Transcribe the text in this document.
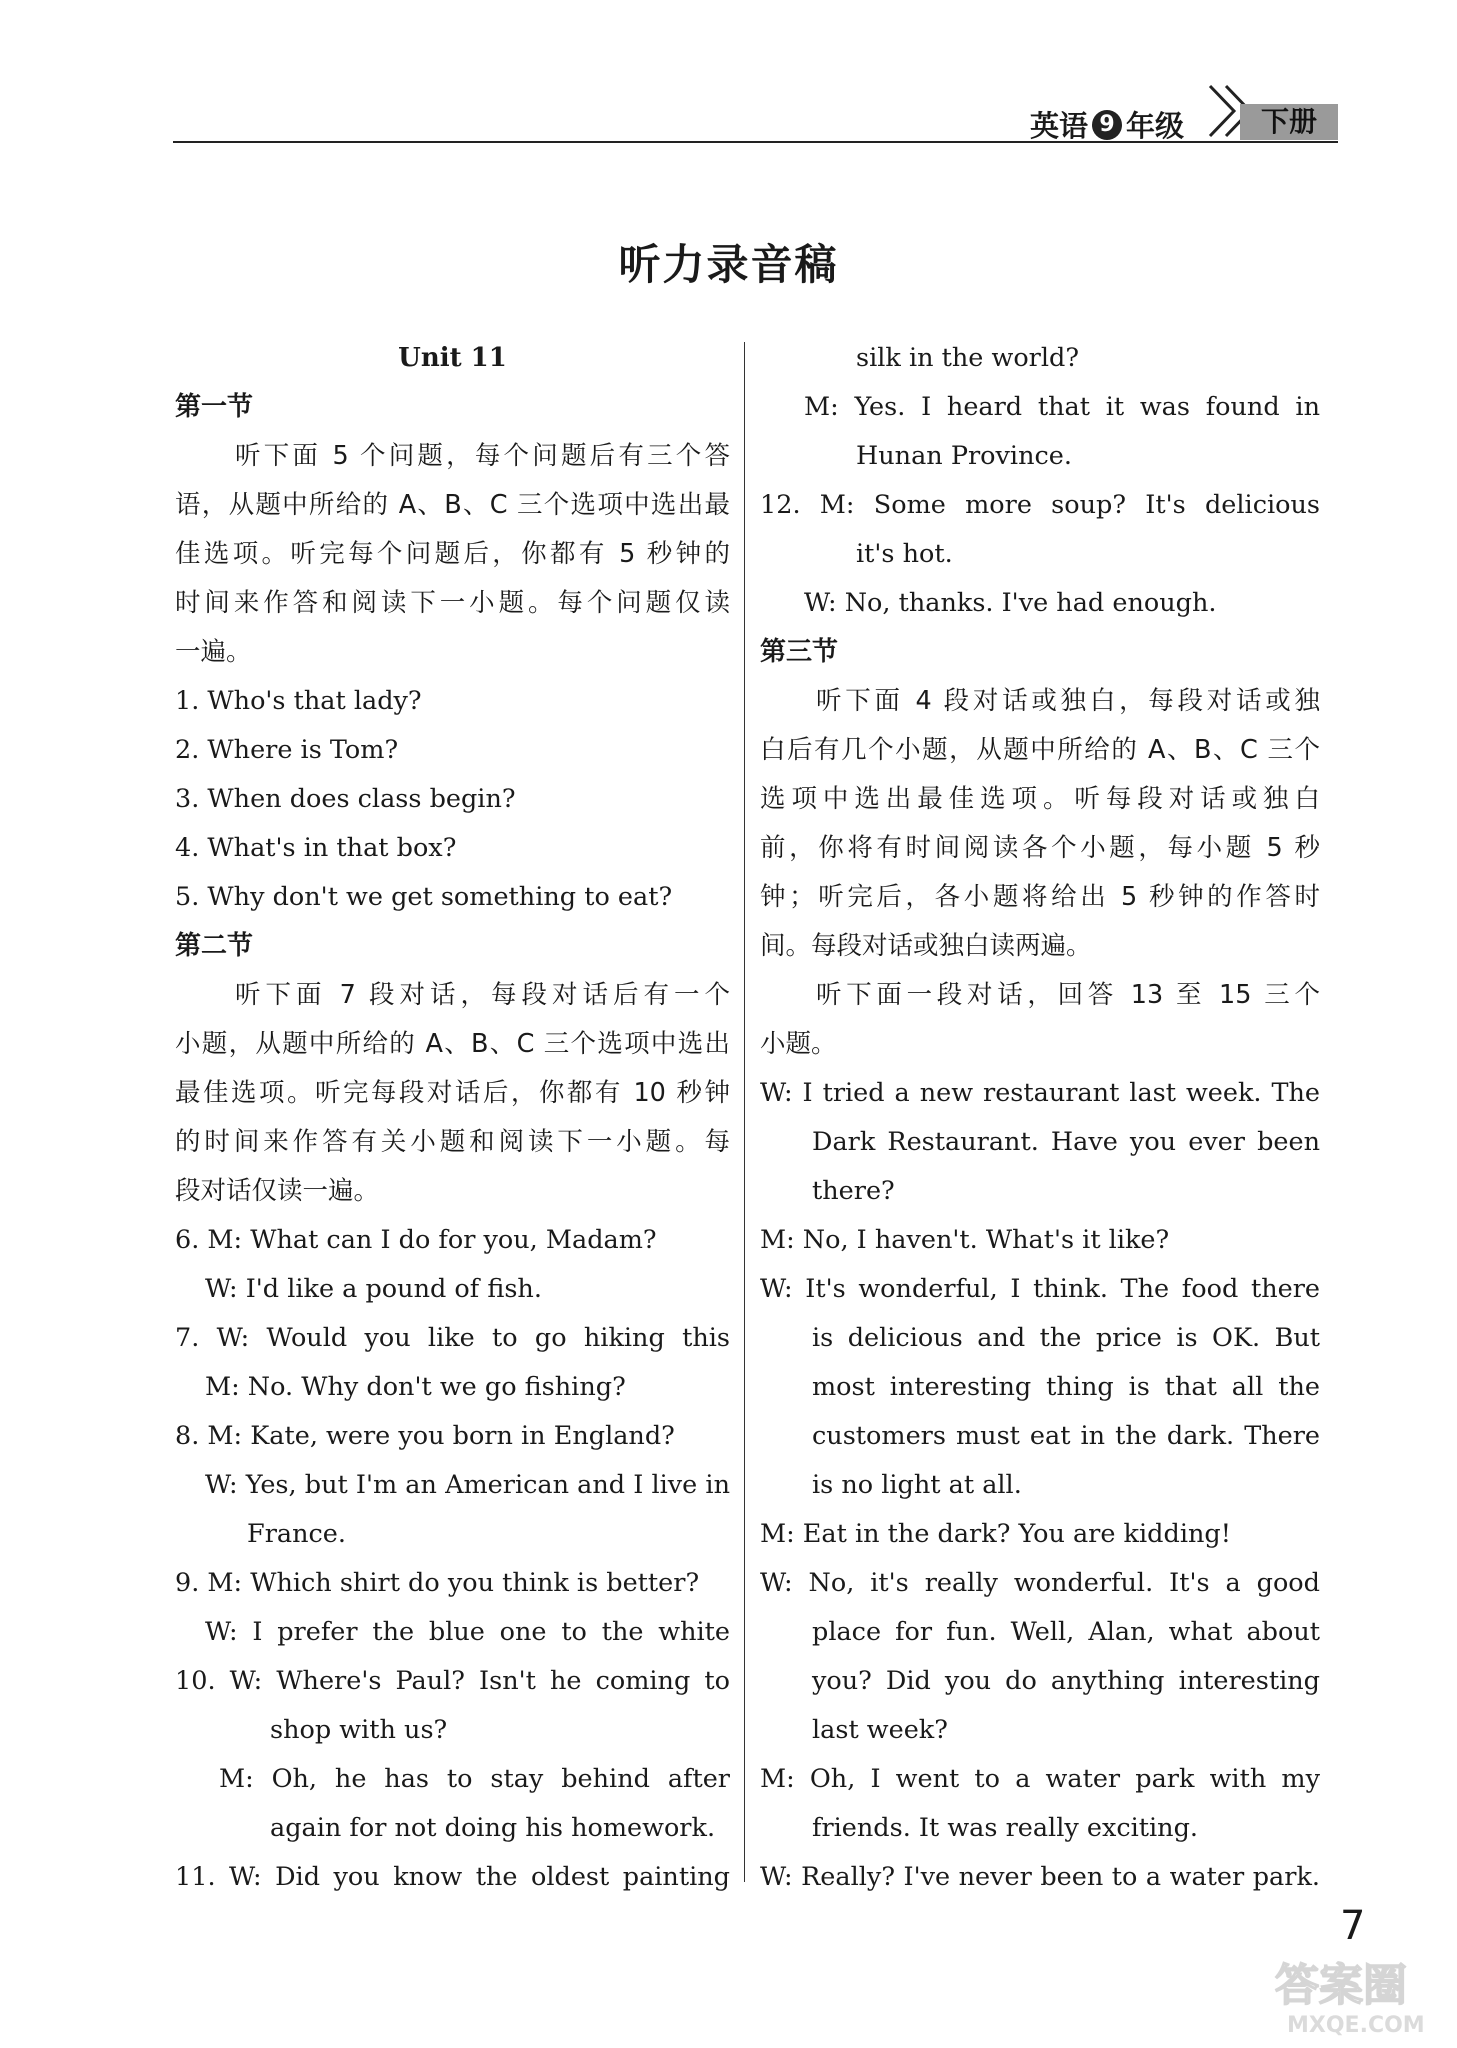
英语 9 年级	下册
听力录音稿
Unit 11
第一节
听下面 5 个问题，每个问题后有三个答
语，从题中所给的 A、B、C 三个选项中选出最
佳选项。听完每个问题后，你都有 5 秒钟的
时间来作答和阅读下一小题。每个问题仅读
一遍。
1. Who's that lady?
2. Where is Tom?
3. When does class begin?
4. What's in that box?
5. Why don't we get something to eat?
第二节
听下面 7 段对话，每段对话后有一个
小题，从题中所给的 A、B、C 三个选项中选出
最佳选项。听完每段对话后，你都有 10 秒钟
的时间来作答有关小题和阅读下一小题。每
段对话仅读一遍。
6. M: What can I do for you, Madam?
W: I'd like a pound of fish.
7. W: Would you like to go hiking this
M: No. Why don't we go fishing?
8. M: Kate, were you born in England?
W: Yes, but I'm an American and I live in
France.
9. M: Which shirt do you think is better?
W: I prefer the blue one to the white
10. W: Where's Paul? Isn't he coming to
shop with us?
M: Oh, he has to stay behind after
again for not doing his homework.
11. W: Did you know the oldest painting
silk in the world?
M: Yes. I heard that it was found in
Hunan Province.
12. M: Some more soup? It's delicious
it's hot.
W: No, thanks. I've had enough.
第三节
听下面 4 段对话或独白，每段对话或独
白后有几个小题，从题中所给的 A、B、C 三个
选项中选出最佳选项。听每段对话或独白
前，你将有时间阅读各个小题，每小题 5 秒
钟；听完后，各小题将给出 5 秒钟的作答时
间。每段对话或独白读两遍。
听下面一段对话，回答 13 至 15 三个
小题。
W: I tried a new restaurant last week. The
Dark Restaurant. Have you ever been
there?
M: No, I haven't. What's it like?
W: It's wonderful, I think. The food there
is delicious and the price is OK. But
most interesting thing is that all the
customers must eat in the dark. There
is no light at all.
M: Eat in the dark? You are kidding!
W: No, it's really wonderful. It's a good
place for fun. Well, Alan, what about
you? Did you do anything interesting
last week?
M: Oh, I went to a water park with my
friends. It was really exciting.
W: Really? I've never been to a water park.
7
答案圈
MXQE.COM
